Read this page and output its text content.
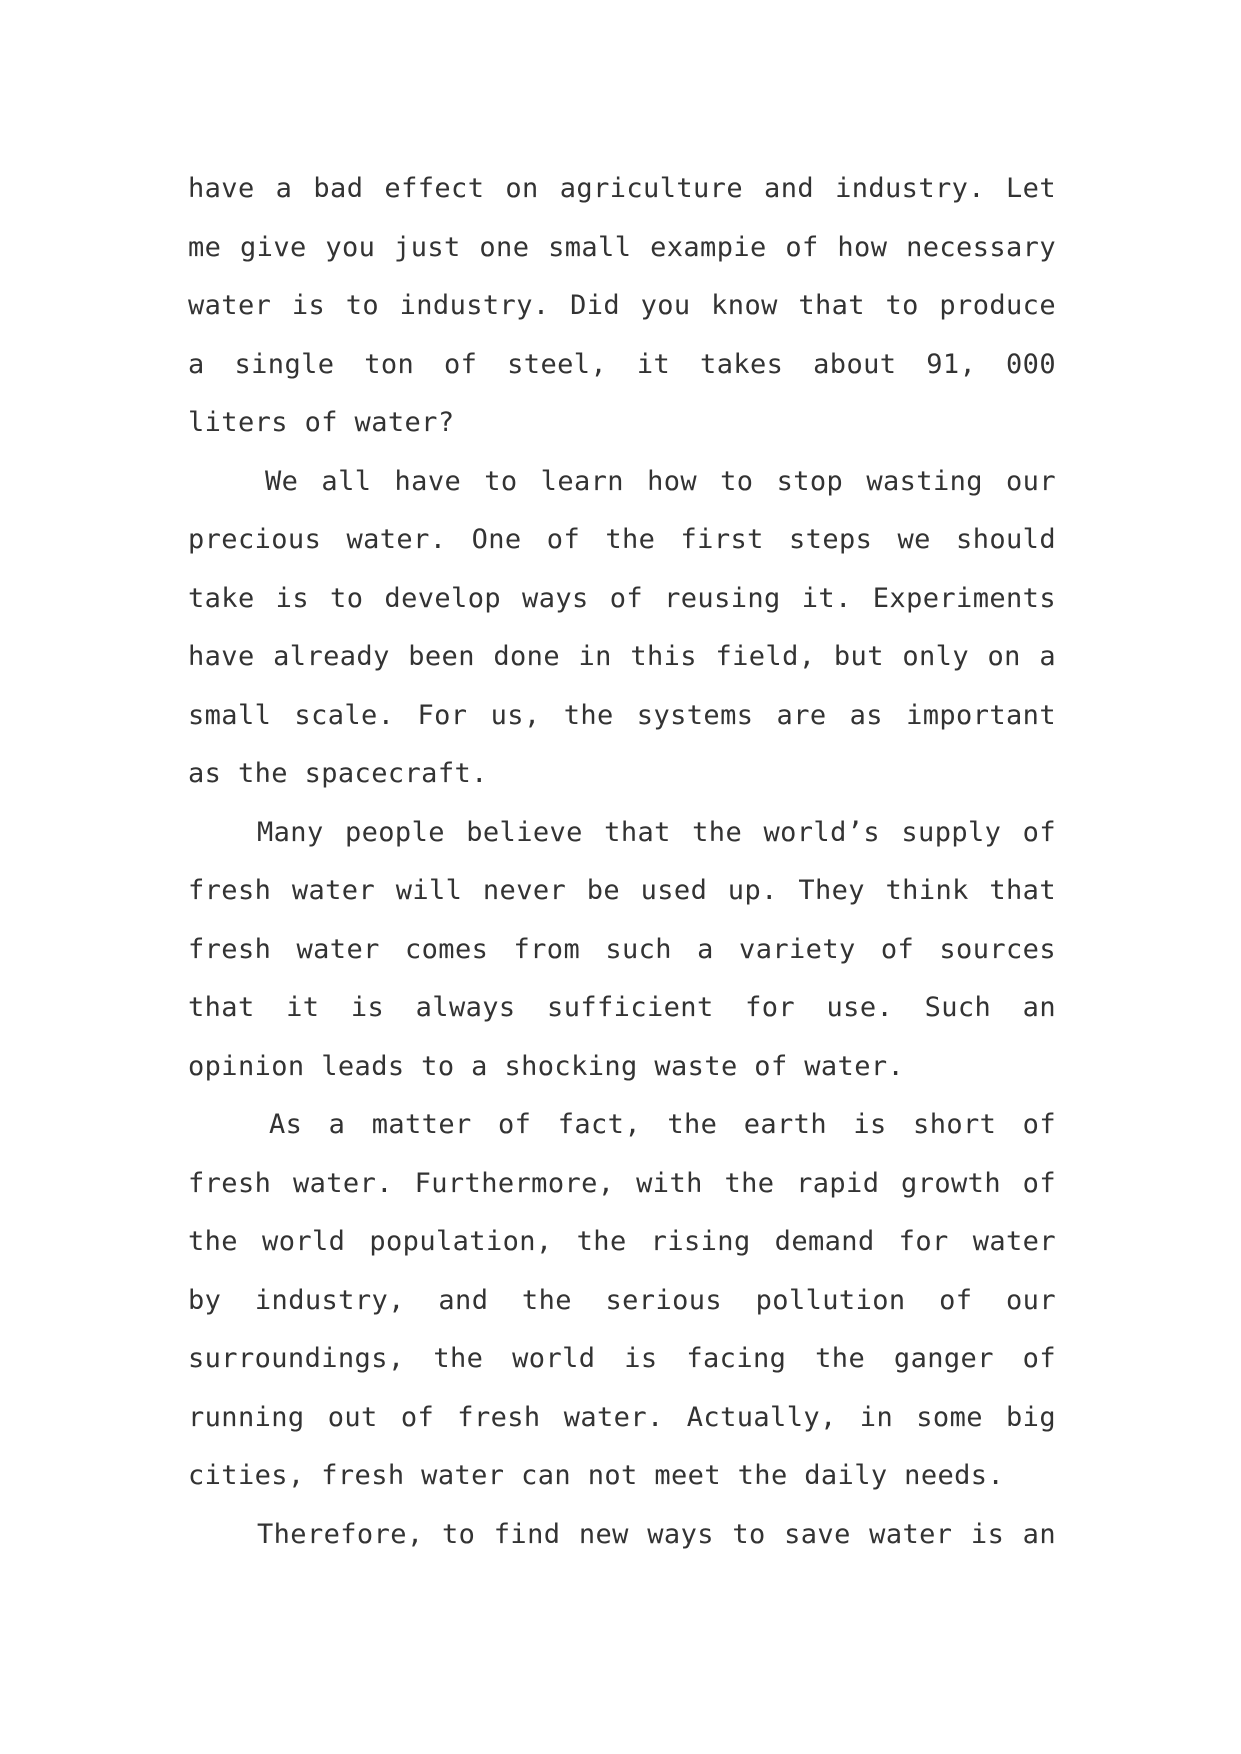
have a bad effect on agriculture and industry. Let
me give you just one small exampie of how necessary
water is to industry. Did you know that to produce
a single ton of steel, it takes about 91, 000
liters of water?
We all have to learn how to stop wasting our
precious water. One of the first steps we should
take is to develop ways of reusing it. Experiments
have already been done in this field, but only on a
small scale. For us, the systems are as important
as the spacecraft.
Many people believe that the world’s supply of
fresh water will never be used up. They think that
fresh water comes from such a variety of sources
that it is always sufficient for use. Such an
opinion leads to a shocking waste of water.
As a matter of fact, the earth is short of
fresh water. Furthermore, with the rapid growth of
the world population, the rising demand for water
by industry, and the serious pollution of our
surroundings, the world is facing the ganger of
running out of fresh water. Actually, in some big
cities, fresh water can not meet the daily needs.
Therefore, to find new ways to save water is an
